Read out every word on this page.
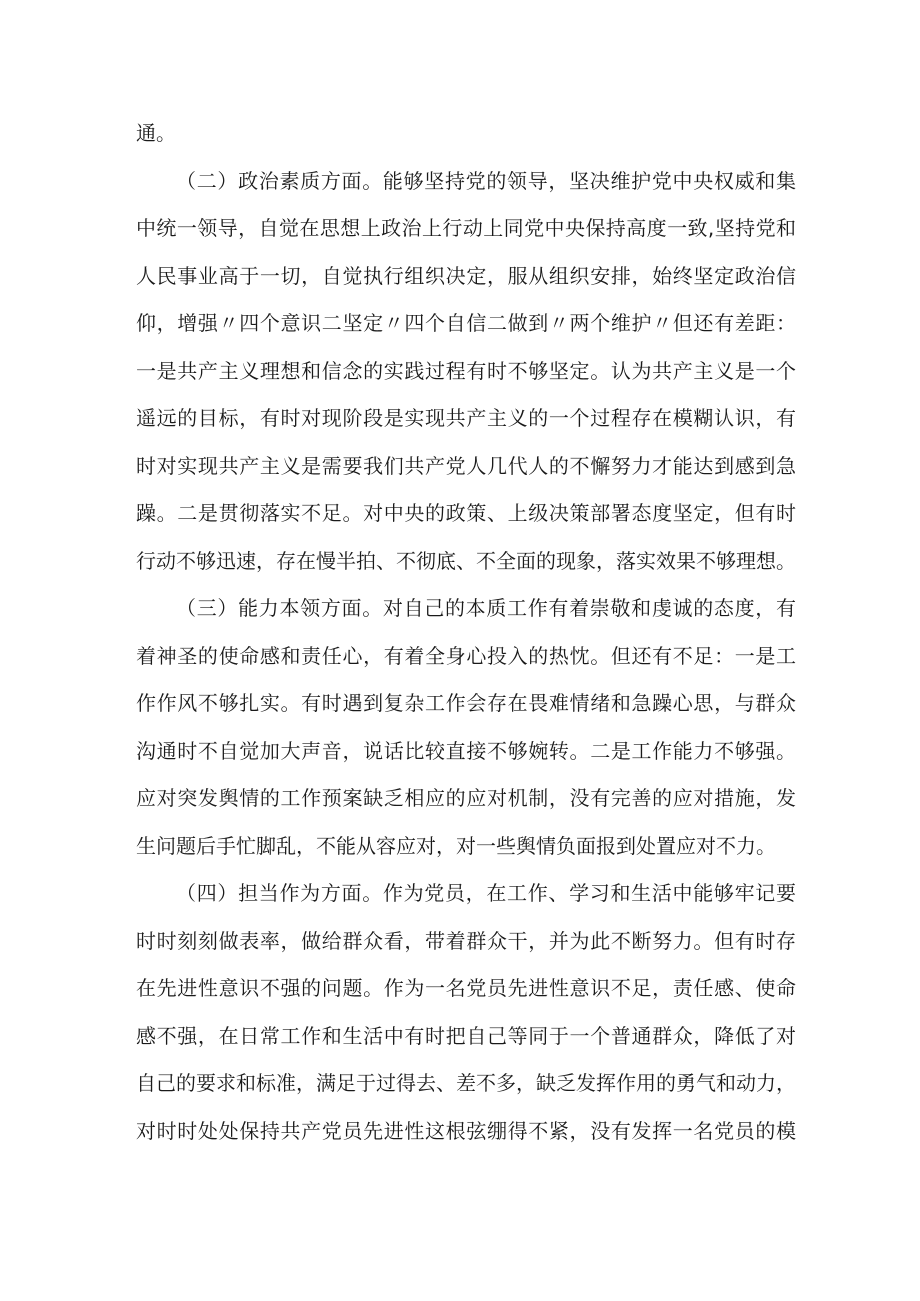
通。
（二）政治素质方面。能够坚持党的领导，坚决维护党中央权威和集
中统一领导，自觉在思想上政治上行动上同党中央保持高度一致,坚持党和
人民事业高于一切，自觉执行组织决定，服从组织安排，始终坚定政治信
仰，增强〃四个意识二坚定〃四个自信二做到〃两个维护〃但还有差距：
一是共产主义理想和信念的实践过程有时不够坚定。认为共产主义是一个
遥远的目标，有时对现阶段是实现共产主义的一个过程存在模糊认识，有
时对实现共产主义是需要我们共产党人几代人的不懈努力才能达到感到急
躁。二是贯彻落实不足。对中央的政策、上级决策部署态度坚定，但有时
行动不够迅速，存在慢半拍、不彻底、不全面的现象，落实效果不够理想。
（三）能力本领方面。对自己的本质工作有着崇敬和虔诚的态度，有
着神圣的使命感和责任心，有着全身心投入的热忱。但还有不足：一是工
作作风不够扎实。有时遇到复杂工作会存在畏难情绪和急躁心思，与群众
沟通时不自觉加大声音，说话比较直接不够婉转。二是工作能力不够强。
应对突发舆情的工作预案缺乏相应的应对机制，没有完善的应对措施，发
生问题后手忙脚乱，不能从容应对，对一些舆情负面报到处置应对不力。
（四）担当作为方面。作为党员，在工作、学习和生活中能够牢记要
时时刻刻做表率，做给群众看，带着群众干，并为此不断努力。但有时存
在先进性意识不强的问题。作为一名党员先进性意识不足，责任感、使命
感不强，在日常工作和生活中有时把自己等同于一个普通群众，降低了对
自己的要求和标准，满足于过得去、差不多，缺乏发挥作用的勇气和动力，
对时时处处保持共产党员先进性这根弦绷得不紧，没有发挥一名党员的模
